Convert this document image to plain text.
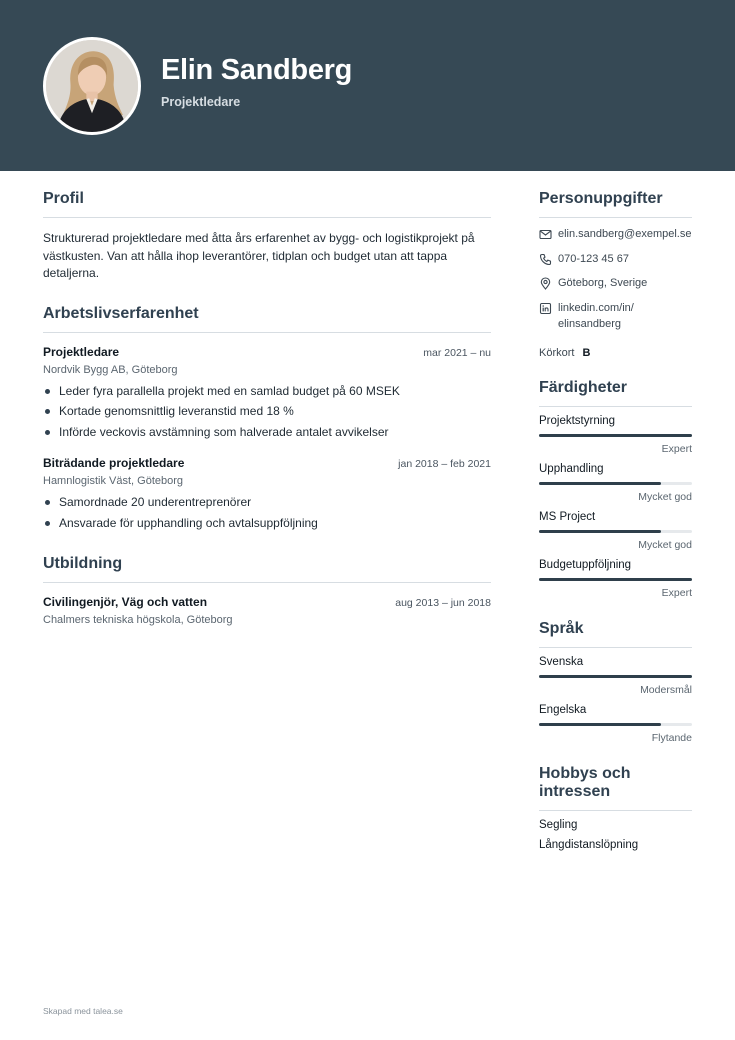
Elin Sandberg
Projektledare
Profil

Strukturerad projektledare med åtta års erfarenhet av bygg- och logistikprojekt på västkusten. Van att hålla ihop leverantörer, tidplan och budget utan att tappa detaljerna.

Arbetslivserfarenhet
Projektledare	mar 2021 – nu
Nordvik Bygg AB, Göteborg
Leder fyra parallella projekt med en samlad budget på 60 MSEK
Kortade genomsnittlig leveranstid med 18 %
Införde veckovis avstämning som halverade antalet avvikelser
Biträdande projektledare	jan 2018 – feb 2021
Hamnlogistik Väst, Göteborg
Samordnade 20 underentreprenörer
Ansvarade för upphandling och avtalsuppföljning
Utbildning
Civilingenjör, Väg och vatten	aug 2013 – jun 2018
Chalmers tekniska högskola, Göteborg
Personuppgifter
elin.sandberg@exempel.se
070-123 45 67
Göteborg, Sverige
linkedin.com/in/
elinsandberg
Körkort B
Färdigheter
Projektstyrning
Expert
Upphandling
Mycket god
MS Project
Mycket god
Budgetuppföljning
Expert
Språk
Svenska
Modersmål
Engelska
Flytande
Hobbys och intressen
Segling
Långdistanslöpning
Skapad med talea.se
